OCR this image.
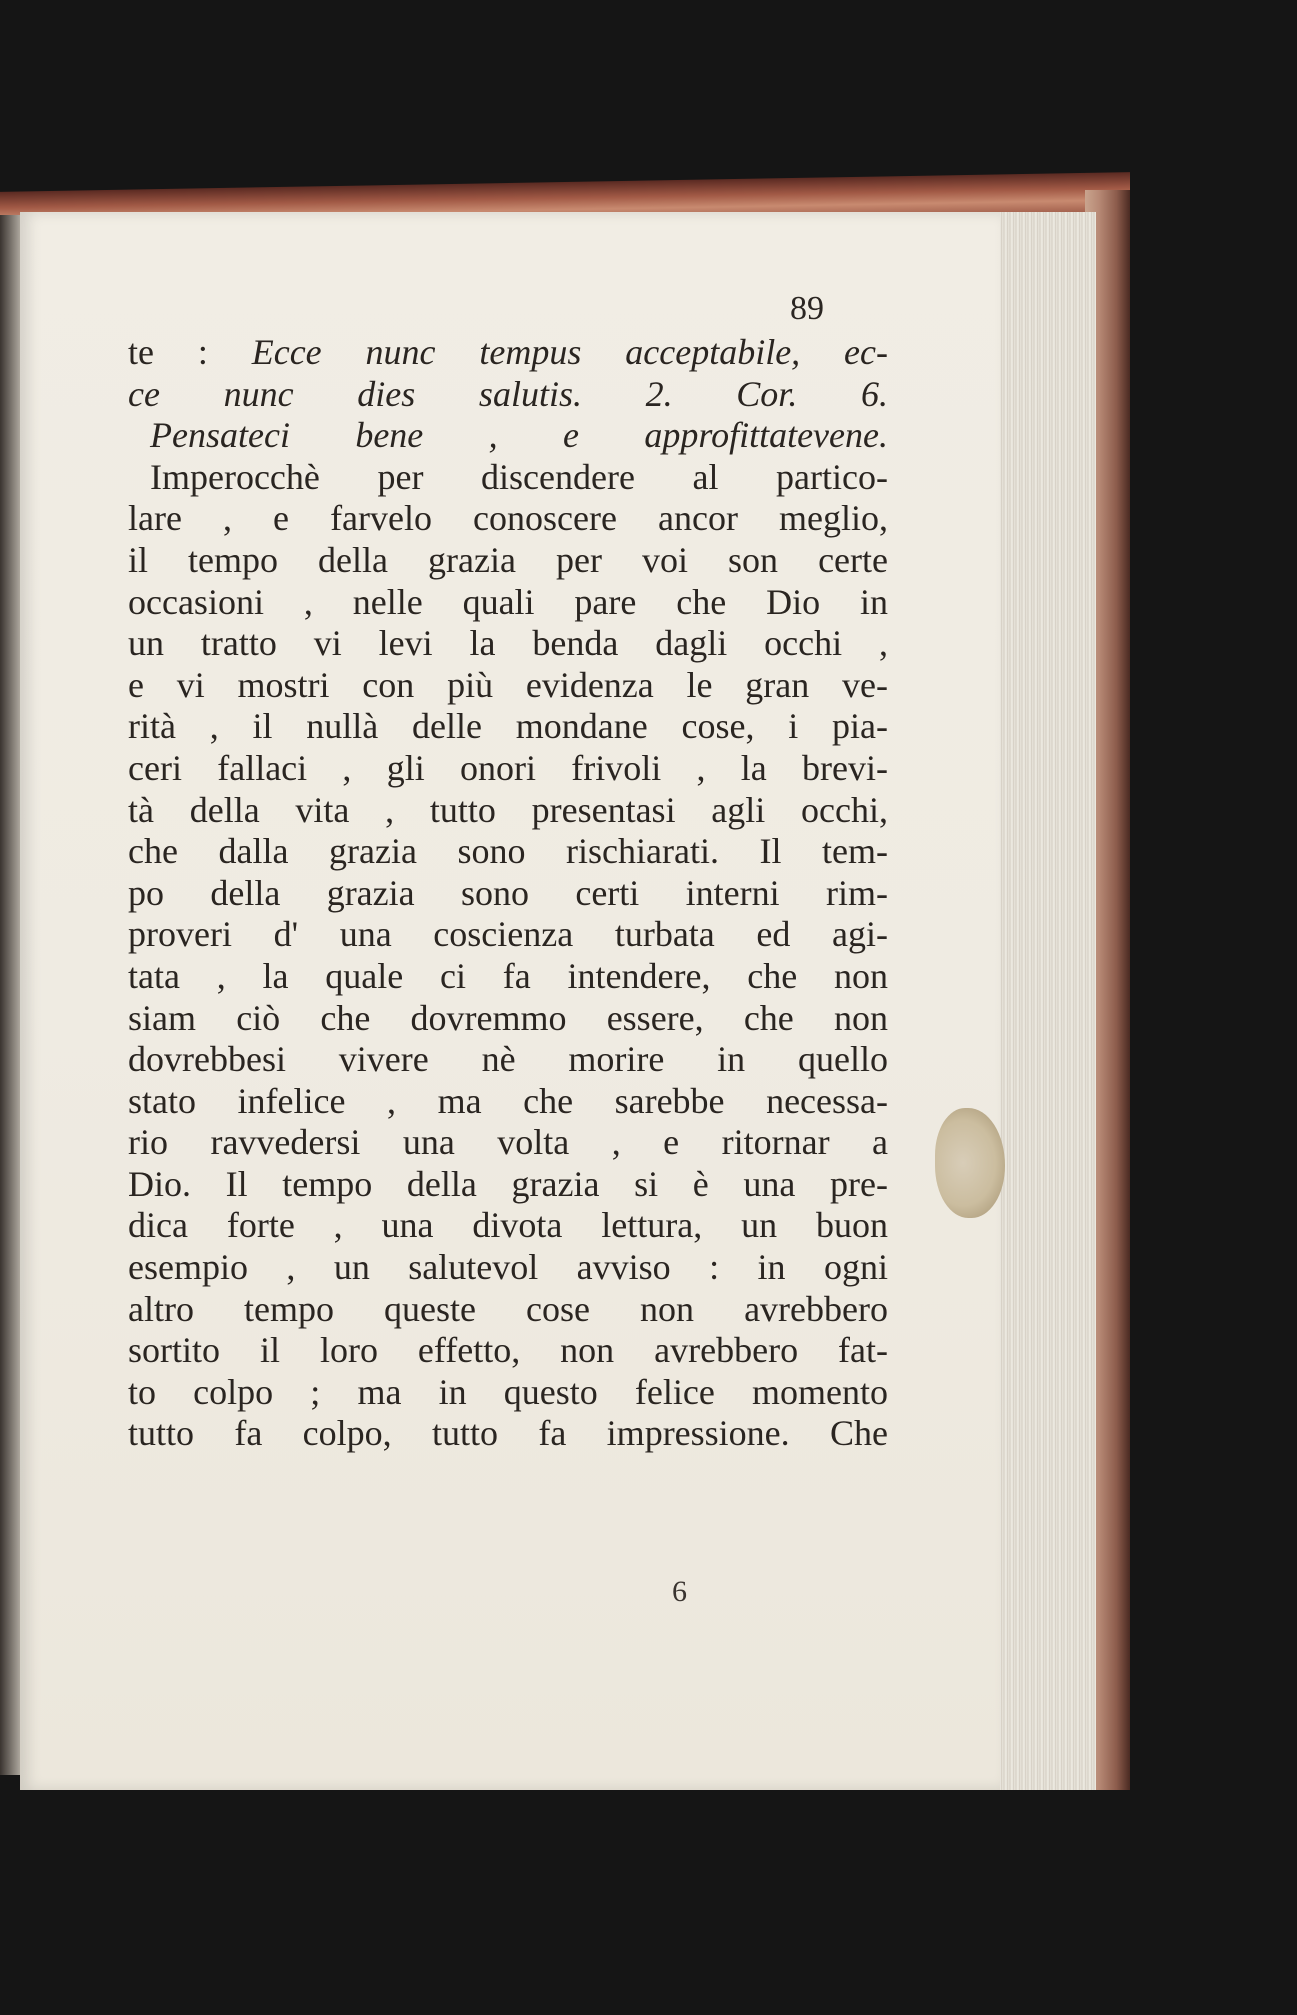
89
te : Ecce nunc tempus acceptabile, ec-
ce nunc dies salutis. 2. Cor. 6.
Pensateci bene , e approfittatevene.
Imperocchè per discendere al partico-
lare , e farvelo conoscere ancor meglio,
il tempo della grazia per voi son certe
occasioni , nelle quali pare che Dio in
un tratto vi levi la benda dagli occhi ,
e vi mostri con più evidenza le gran ve-
rità , il nullà delle mondane cose, i pia-
ceri fallaci , gli onori frivoli , la brevi-
tà della vita , tutto presentasi agli occhi,
che dalla grazia sono rischiarati. Il tem-
po della grazia sono certi interni rim-
proveri d' una coscienza turbata ed agi-
tata , la quale ci fa intendere, che non
siam ciò che dovremmo essere, che non
dovrebbesi vivere nè morire in quello
stato infelice , ma che sarebbe necessa-
rio ravvedersi una volta , e ritornar a
Dio. Il tempo della grazia si è una pre-
dica forte , una divota lettura, un buon
esempio , un salutevol avviso : in ogni
altro tempo queste cose non avrebbero
sortito il loro effetto, non avrebbero fat-
to colpo ; ma in questo felice momento
tutto fa colpo, tutto fa impressione. Che
6
